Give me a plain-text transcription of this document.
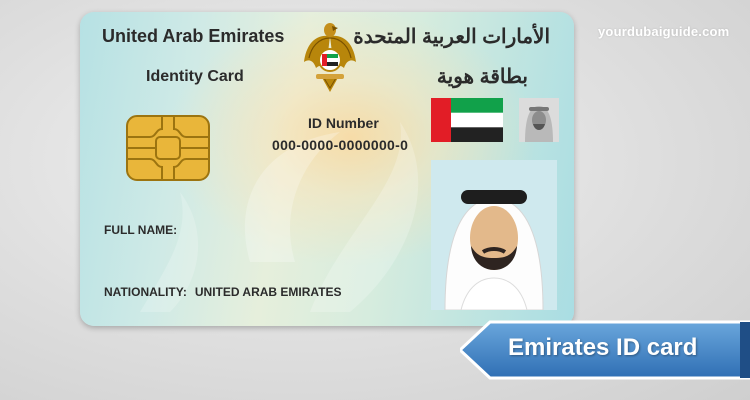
yourdubaiguide.com
United Arab Emirates
Identity Card
الأمارات العربية المتحدة
بطاقة هوية
ID Number
000-0000-0000000-0
FULL NAME:
NATIONALITY: UNITED ARAB EMIRATES
Emirates ID card
